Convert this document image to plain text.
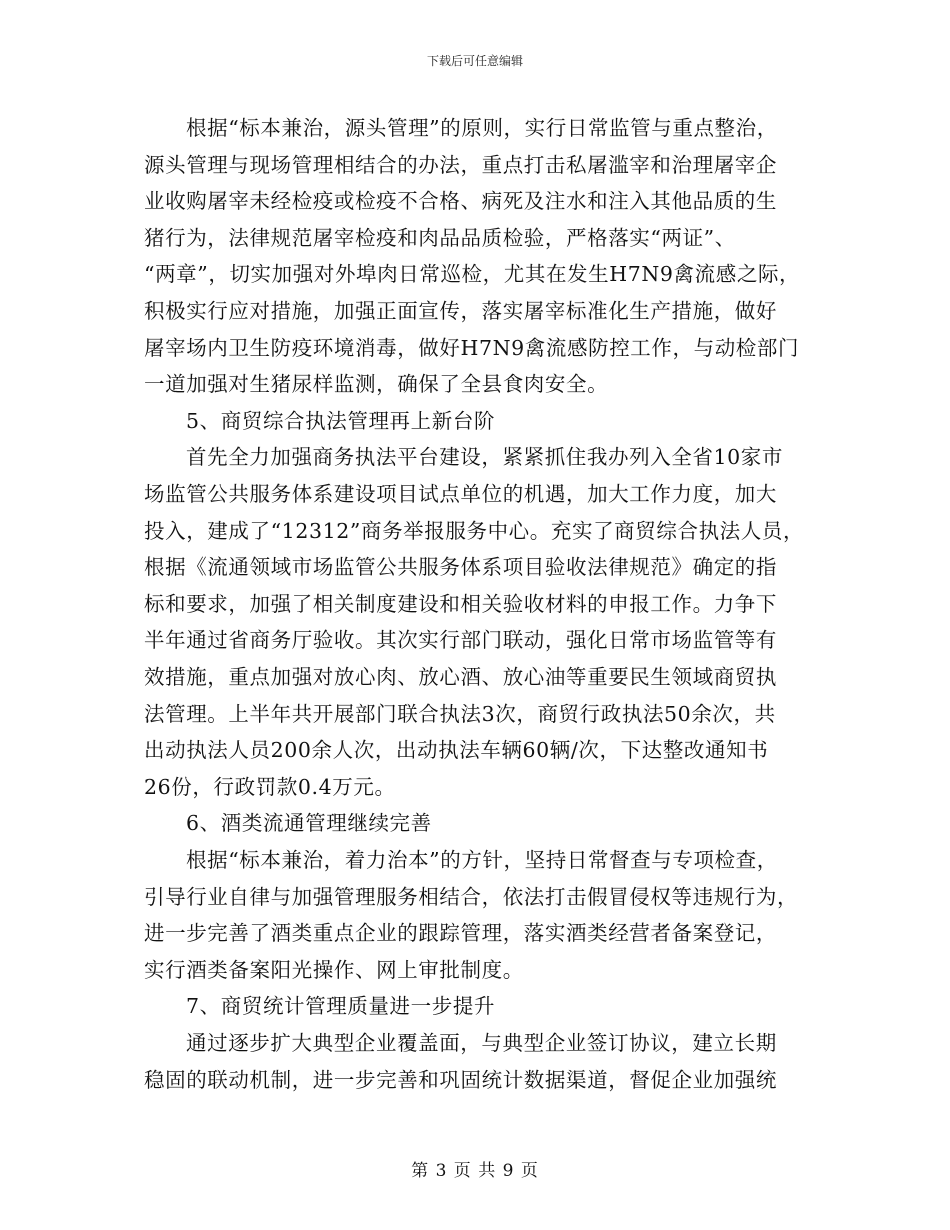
下载后可任意编辑
根据“标本兼治，源头管理”的原则，实行日常监管与重点整治，
源头管理与现场管理相结合的办法，重点打击私屠滥宰和治理屠宰企
业收购屠宰未经检疫或检疫不合格、病死及注水和注入其他品质的生
猪行为，法律规范屠宰检疫和肉品品质检验，严格落实“两证”、
“两章”，切实加强对外埠肉日常巡检，尤其在发生H7N9禽流感之际，
积极实行应对措施，加强正面宣传，落实屠宰标准化生产措施，做好
屠宰场内卫生防疫环境消毒，做好H7N9禽流感防控工作，与动检部门
一道加强对生猪尿样监测，确保了全县食肉安全。
5、商贸综合执法管理再上新台阶
首先全力加强商务执法平台建设，紧紧抓住我办列入全省10家市
场监管公共服务体系建设项目试点单位的机遇，加大工作力度，加大
投入，建成了“12312”商务举报服务中心。充实了商贸综合执法人员，
根据《流通领域市场监管公共服务体系项目验收法律规范》确定的指
标和要求，加强了相关制度建设和相关验收材料的申报工作。力争下
半年通过省商务厅验收。其次实行部门联动，强化日常市场监管等有
效措施，重点加强对放心肉、放心酒、放心油等重要民生领域商贸执
法管理。上半年共开展部门联合执法3次，商贸行政执法50余次，共
出动执法人员200余人次，出动执法车辆60辆/次，下达整改通知书
26份，行政罚款0.4万元。
6、酒类流通管理继续完善
根据“标本兼治，着力治本”的方针，坚持日常督查与专项检查，
引导行业自律与加强管理服务相结合，依法打击假冒侵权等违规行为，
进一步完善了酒类重点企业的跟踪管理，落实酒类经营者备案登记，
实行酒类备案阳光操作、网上审批制度。
7、商贸统计管理质量进一步提升
通过逐步扩大典型企业覆盖面，与典型企业签订协议，建立长期
稳固的联动机制，进一步完善和巩固统计数据渠道，督促企业加强统
第 3 页 共 9 页
